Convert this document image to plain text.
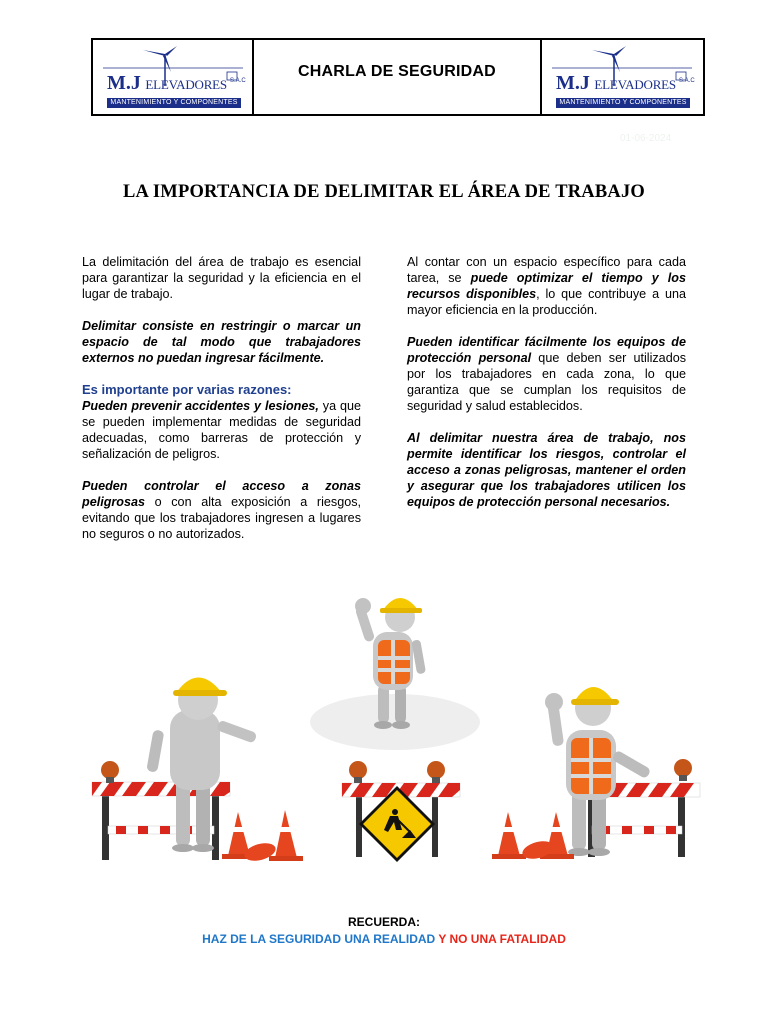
M.J ELEVADORES S.A.C
MANTENIMIENTO Y COMPONENTES
CHARLA DE SEGURIDAD
M.J ELEVADORES S.A.C
MANTENIMIENTO Y COMPONENTES
01-06-2024
LA IMPORTANCIA DE DELIMITAR EL ÁREA DE TRABAJO

La delimitación del área de trabajo es esencial para garantizar la seguridad y la eficiencia en el lugar de trabajo.

Delimitar consiste en restringir o marcar un espacio de tal modo que trabajadores externos no puedan ingresar fácilmente.

Es importante por varias razones:
Pueden prevenir accidentes y lesiones, ya que se pueden implementar medidas de seguridad adecuadas, como barreras de protección y señalización de peligros.

Pueden controlar el acceso a zonas peligrosas o con alta exposición a riesgos, evitando que los trabajadores ingresen a lugares no seguros o no autorizados.

Al contar con un espacio específico para cada tarea, se puede optimizar el tiempo y los recursos disponibles, lo que contribuye a una mayor eficiencia en la producción.

Pueden identificar fácilmente los equipos de protección personal que deben ser utilizados por los trabajadores en cada zona, lo que garantiza que se cumplan los requisitos de seguridad y salud establecidos.

Al delimitar nuestra área de trabajo, nos permite identificar los riesgos, controlar el acceso a zonas peligrosas, mantener el orden y asegurar que los trabajadores utilicen los equipos de protección personal necesarios.

RECUERDA:
HAZ DE LA SEGURIDAD UNA REALIDAD Y NO UNA FATALIDAD
